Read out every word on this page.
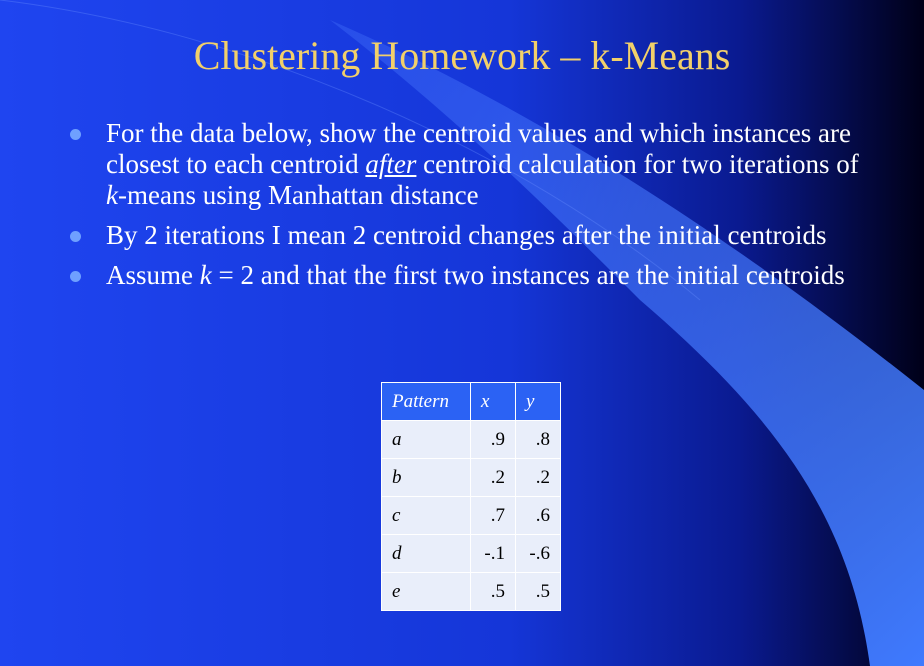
Clustering Homework – k-Means
For the data below, show the centroid values and which instances are closest to each centroid after centroid calculation for two iterations of k-means using Manhattan distance
By 2 iterations I mean 2 centroid changes after the initial centroids
Assume k = 2 and that the first two instances are the initial centroids
Pattern	x	y
a	.9	.8
b	.2	.2
c	.7	.6
d	-.1	-.6
e	.5	.5
